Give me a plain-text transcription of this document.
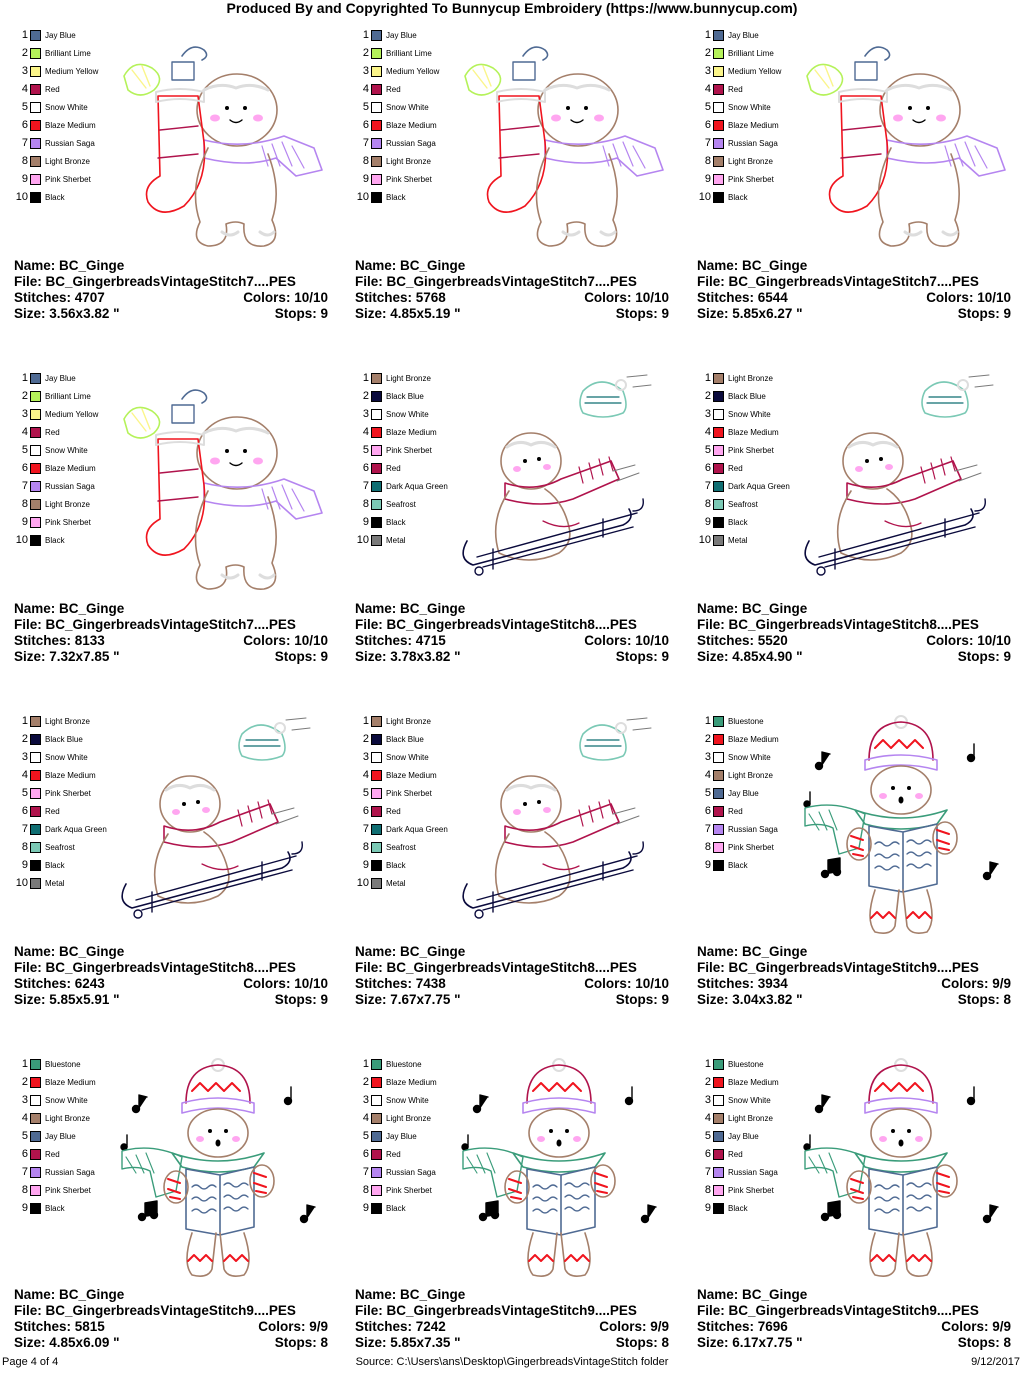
Produced By and Copyrighted To Bunnycup Embroidery (https://www.bunnycup.com)
1 Jay Blue
2 Brilliant Lime
3 Medium Yellow
4 Red
5 Snow White
6 Blaze Medium
7 Russian Saga
8 Light Bronze
9 Pink Sherbet
10 Black
Name: BC_Ginge
File: BC_GingerbreadsVintageStitch7....PES
Stitches: 4707	Colors: 10/10
Size: 3.56x3.82 "	Stops: 9
1 Jay Blue
2 Brilliant Lime
3 Medium Yellow
4 Red
5 Snow White
6 Blaze Medium
7 Russian Saga
8 Light Bronze
9 Pink Sherbet
10 Black
Name: BC_Ginge
File: BC_GingerbreadsVintageStitch7....PES
Stitches: 5768	Colors: 10/10
Size: 4.85x5.19 "	Stops: 9
1 Jay Blue
2 Brilliant Lime
3 Medium Yellow
4 Red
5 Snow White
6 Blaze Medium
7 Russian Saga
8 Light Bronze
9 Pink Sherbet
10 Black
Name: BC_Ginge
File: BC_GingerbreadsVintageStitch7....PES
Stitches: 6544	Colors: 10/10
Size: 5.85x6.27 "	Stops: 9
1 Jay Blue
2 Brilliant Lime
3 Medium Yellow
4 Red
5 Snow White
6 Blaze Medium
7 Russian Saga
8 Light Bronze
9 Pink Sherbet
10 Black
Name: BC_Ginge
File: BC_GingerbreadsVintageStitch7....PES
Stitches: 8133	Colors: 10/10
Size: 7.32x7.85 "	Stops: 9
1 Light Bronze
2 Black Blue
3 Snow White
4 Blaze Medium
5 Pink Sherbet
6 Red
7 Dark Aqua Green
8 Seafrost
9 Black
10 Metal
Name: BC_Ginge
File: BC_GingerbreadsVintageStitch8....PES
Stitches: 4715	Colors: 10/10
Size: 3.78x3.82 "	Stops: 9
1 Light Bronze
2 Black Blue
3 Snow White
4 Blaze Medium
5 Pink Sherbet
6 Red
7 Dark Aqua Green
8 Seafrost
9 Black
10 Metal
Name: BC_Ginge
File: BC_GingerbreadsVintageStitch8....PES
Stitches: 5520	Colors: 10/10
Size: 4.85x4.90 "	Stops: 9
1 Light Bronze
2 Black Blue
3 Snow White
4 Blaze Medium
5 Pink Sherbet
6 Red
7 Dark Aqua Green
8 Seafrost
9 Black
10 Metal
Name: BC_Ginge
File: BC_GingerbreadsVintageStitch8....PES
Stitches: 6243	Colors: 10/10
Size: 5.85x5.91 "	Stops: 9
1 Light Bronze
2 Black Blue
3 Snow White
4 Blaze Medium
5 Pink Sherbet
6 Red
7 Dark Aqua Green
8 Seafrost
9 Black
10 Metal
Name: BC_Ginge
File: BC_GingerbreadsVintageStitch8....PES
Stitches: 7438	Colors: 10/10
Size: 7.67x7.75 "	Stops: 9
1 Bluestone
2 Blaze Medium
3 Snow White
4 Light Bronze
5 Jay Blue
6 Red
7 Russian Saga
8 Pink Sherbet
9 Black
Name: BC_Ginge
File: BC_GingerbreadsVintageStitch9....PES
Stitches: 3934	Colors: 9/9
Size: 3.04x3.82 "	Stops: 8
1 Bluestone
2 Blaze Medium
3 Snow White
4 Light Bronze
5 Jay Blue
6 Red
7 Russian Saga
8 Pink Sherbet
9 Black
Name: BC_Ginge
File: BC_GingerbreadsVintageStitch9....PES
Stitches: 5815	Colors: 9/9
Size: 4.85x6.09 "	Stops: 8
1 Bluestone
2 Blaze Medium
3 Snow White
4 Light Bronze
5 Jay Blue
6 Red
7 Russian Saga
8 Pink Sherbet
9 Black
Name: BC_Ginge
File: BC_GingerbreadsVintageStitch9....PES
Stitches: 7242	Colors: 9/9
Size: 5.85x7.35 "	Stops: 8
1 Bluestone
2 Blaze Medium
3 Snow White
4 Light Bronze
5 Jay Blue
6 Red
7 Russian Saga
8 Pink Sherbet
9 Black
Name: BC_Ginge
File: BC_GingerbreadsVintageStitch9....PES
Stitches: 7696	Colors: 9/9
Size: 6.17x7.75 "	Stops: 8
Page 4 of 4	Source: C:\Users\ans\Desktop\GingerbreadsVintageStitch folder	9/12/2017
